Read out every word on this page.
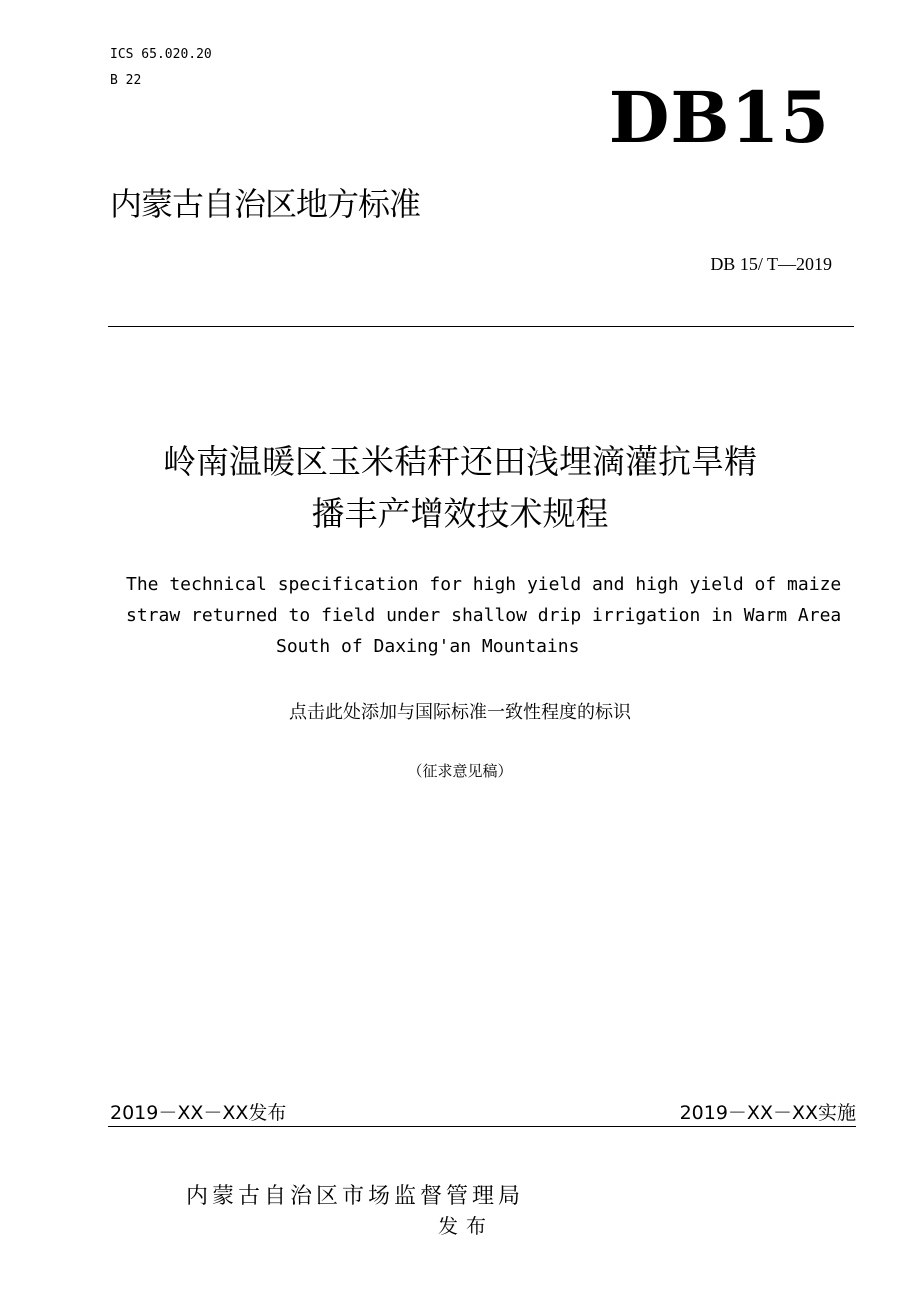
ICS 65.020.20
B 22	DB15
内蒙古自治区地方标准
DB 15/ T—2019
岭南温暖区玉米秸秆还田浅埋滴灌抗旱精
播丰产增效技术规程
The technical specification for high yield and high yield of maize
straw returned to field under shallow drip irrigation in Warm Area
South of Daxing'an Mountains
点击此处添加与国际标准一致性程度的标识
（征求意见稿）
2019－XX－XX发布	2019－XX－XX实施
内蒙古自治区市场监督管理局
发布
